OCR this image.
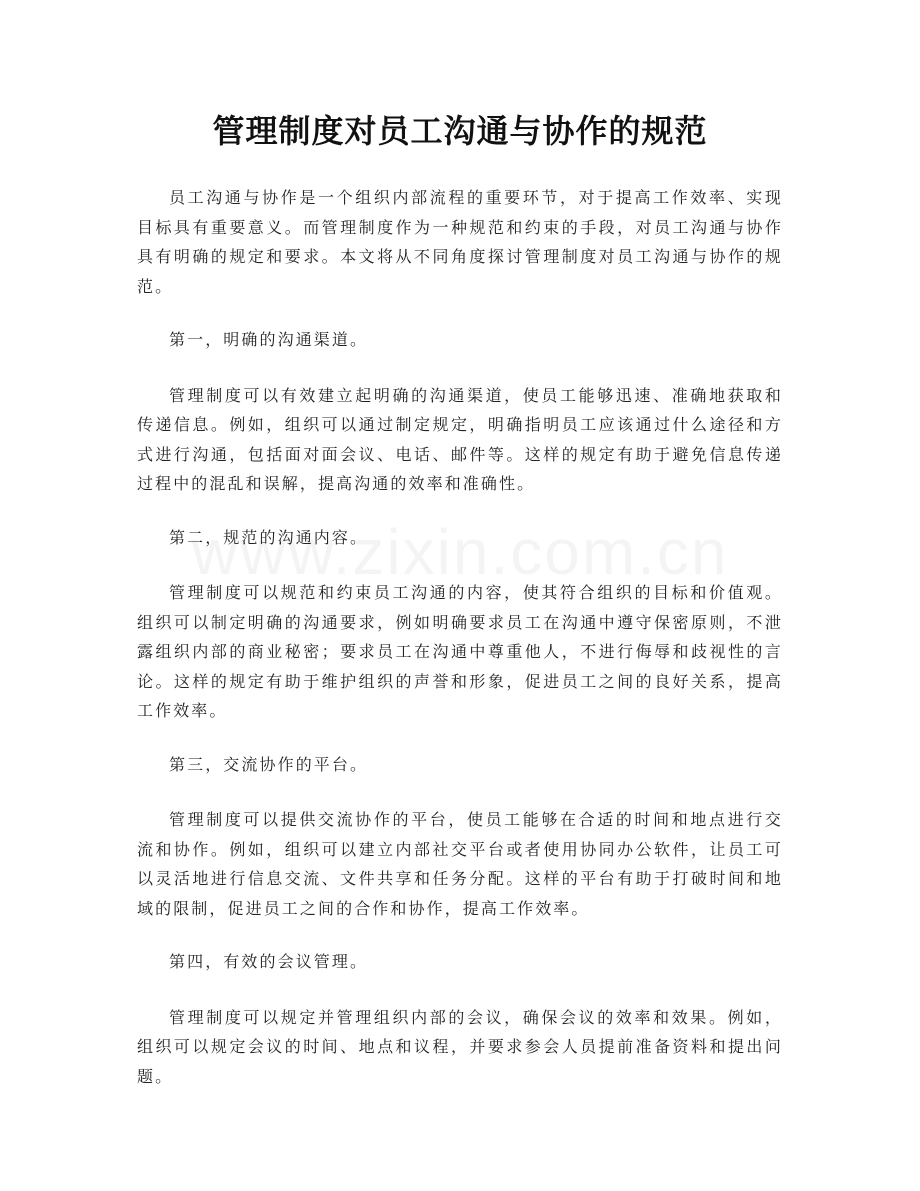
管理制度对员工沟通与协作的规范

员工沟通与协作是一个组织内部流程的重要环节，对于提高工作效率、实现目标具有重要意义。而管理制度作为一种规范和约束的手段，对员工沟通与协作具有明确的规定和要求。本文将从不同角度探讨管理制度对员工沟通与协作的规范。

第一，明确的沟通渠道。

管理制度可以有效建立起明确的沟通渠道，使员工能够迅速、准确地获取和传递信息。例如，组织可以通过制定规定，明确指明员工应该通过什么途径和方式进行沟通，包括面对面会议、电话、邮件等。这样的规定有助于避免信息传递过程中的混乱和误解，提高沟通的效率和准确性。

第二，规范的沟通内容。

管理制度可以规范和约束员工沟通的内容，使其符合组织的目标和价值观。组织可以制定明确的沟通要求，例如明确要求员工在沟通中遵守保密原则，不泄露组织内部的商业秘密；要求员工在沟通中尊重他人，不进行侮辱和歧视性的言论。这样的规定有助于维护组织的声誉和形象，促进员工之间的良好关系，提高工作效率。

第三，交流协作的平台。

管理制度可以提供交流协作的平台，使员工能够在合适的时间和地点进行交流和协作。例如，组织可以建立内部社交平台或者使用协同办公软件，让员工可以灵活地进行信息交流、文件共享和任务分配。这样的平台有助于打破时间和地域的限制，促进员工之间的合作和协作，提高工作效率。

第四，有效的会议管理。

管理制度可以规定并管理组织内部的会议，确保会议的效率和效果。例如，组织可以规定会议的时间、地点和议程，并要求参会人员提前准备资料和提出问题。
